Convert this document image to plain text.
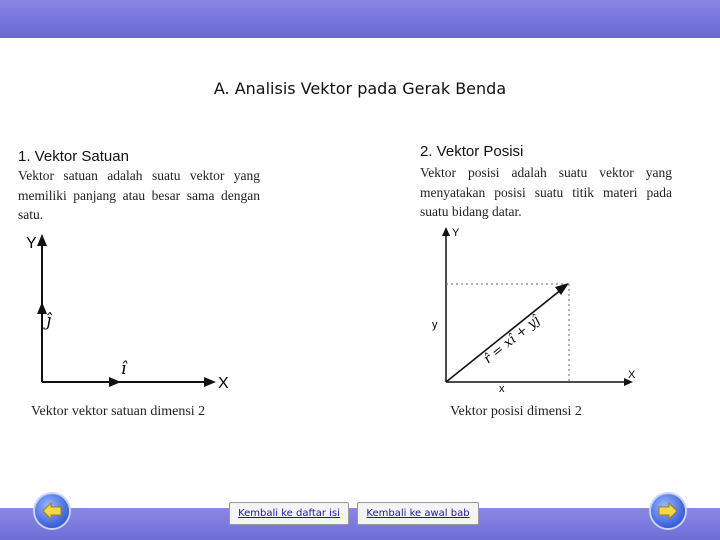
A. Analisis Vektor pada Gerak Benda
1. Vektor Satuan
Vektor satuan adalah suatu vektor yang memiliki panjang atau besar sama dengan satu.
Y
X
ĵ
î
Vektor vektor satuan dimensi 2
2. Vektor Posisi
Vektor posisi adalah suatu vektor yang menyatakan posisi suatu titik materi pada suatu bidang datar.
Y
X
y
x
r̂ = xî + yĵ
Vektor posisi dimensi 2
Kembali ke daftar isi	Kembali ke awal bab
